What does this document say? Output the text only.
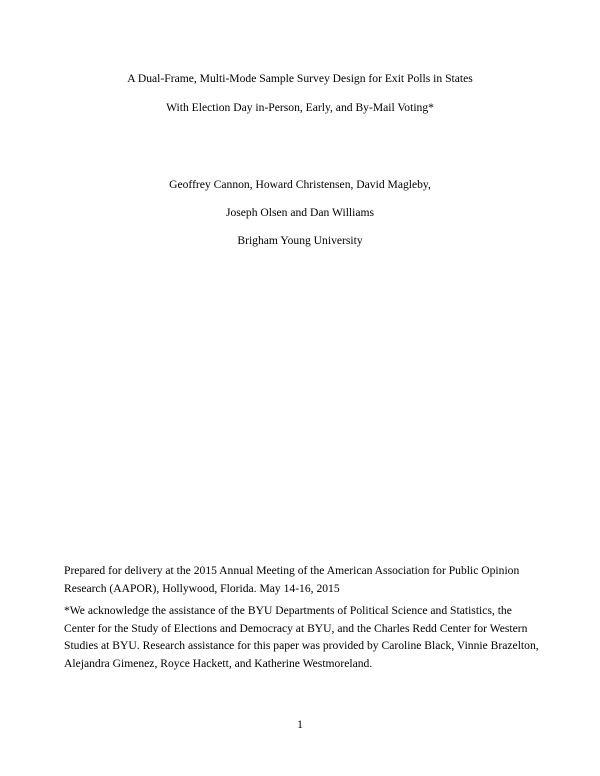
A Dual-Frame, Multi-Mode Sample Survey Design for Exit Polls in States
With Election Day in-Person, Early, and By-Mail Voting*
Geoffrey Cannon, Howard Christensen, David Magleby,
Joseph Olsen and Dan Williams
Brigham Young University

Prepared for delivery at the 2015 Annual Meeting of the American Association for Public Opinion Research (AAPOR), Hollywood, Florida. May 14-16, 2015

*We acknowledge the assistance of the BYU Departments of Political Science and Statistics, the Center for the Study of Elections and Democracy at BYU, and the Charles Redd Center for Western Studies at BYU. Research assistance for this paper was provided by Caroline Black, Vinnie Brazelton, Alejandra Gimenez, Royce Hackett, and Katherine Westmoreland.

1
